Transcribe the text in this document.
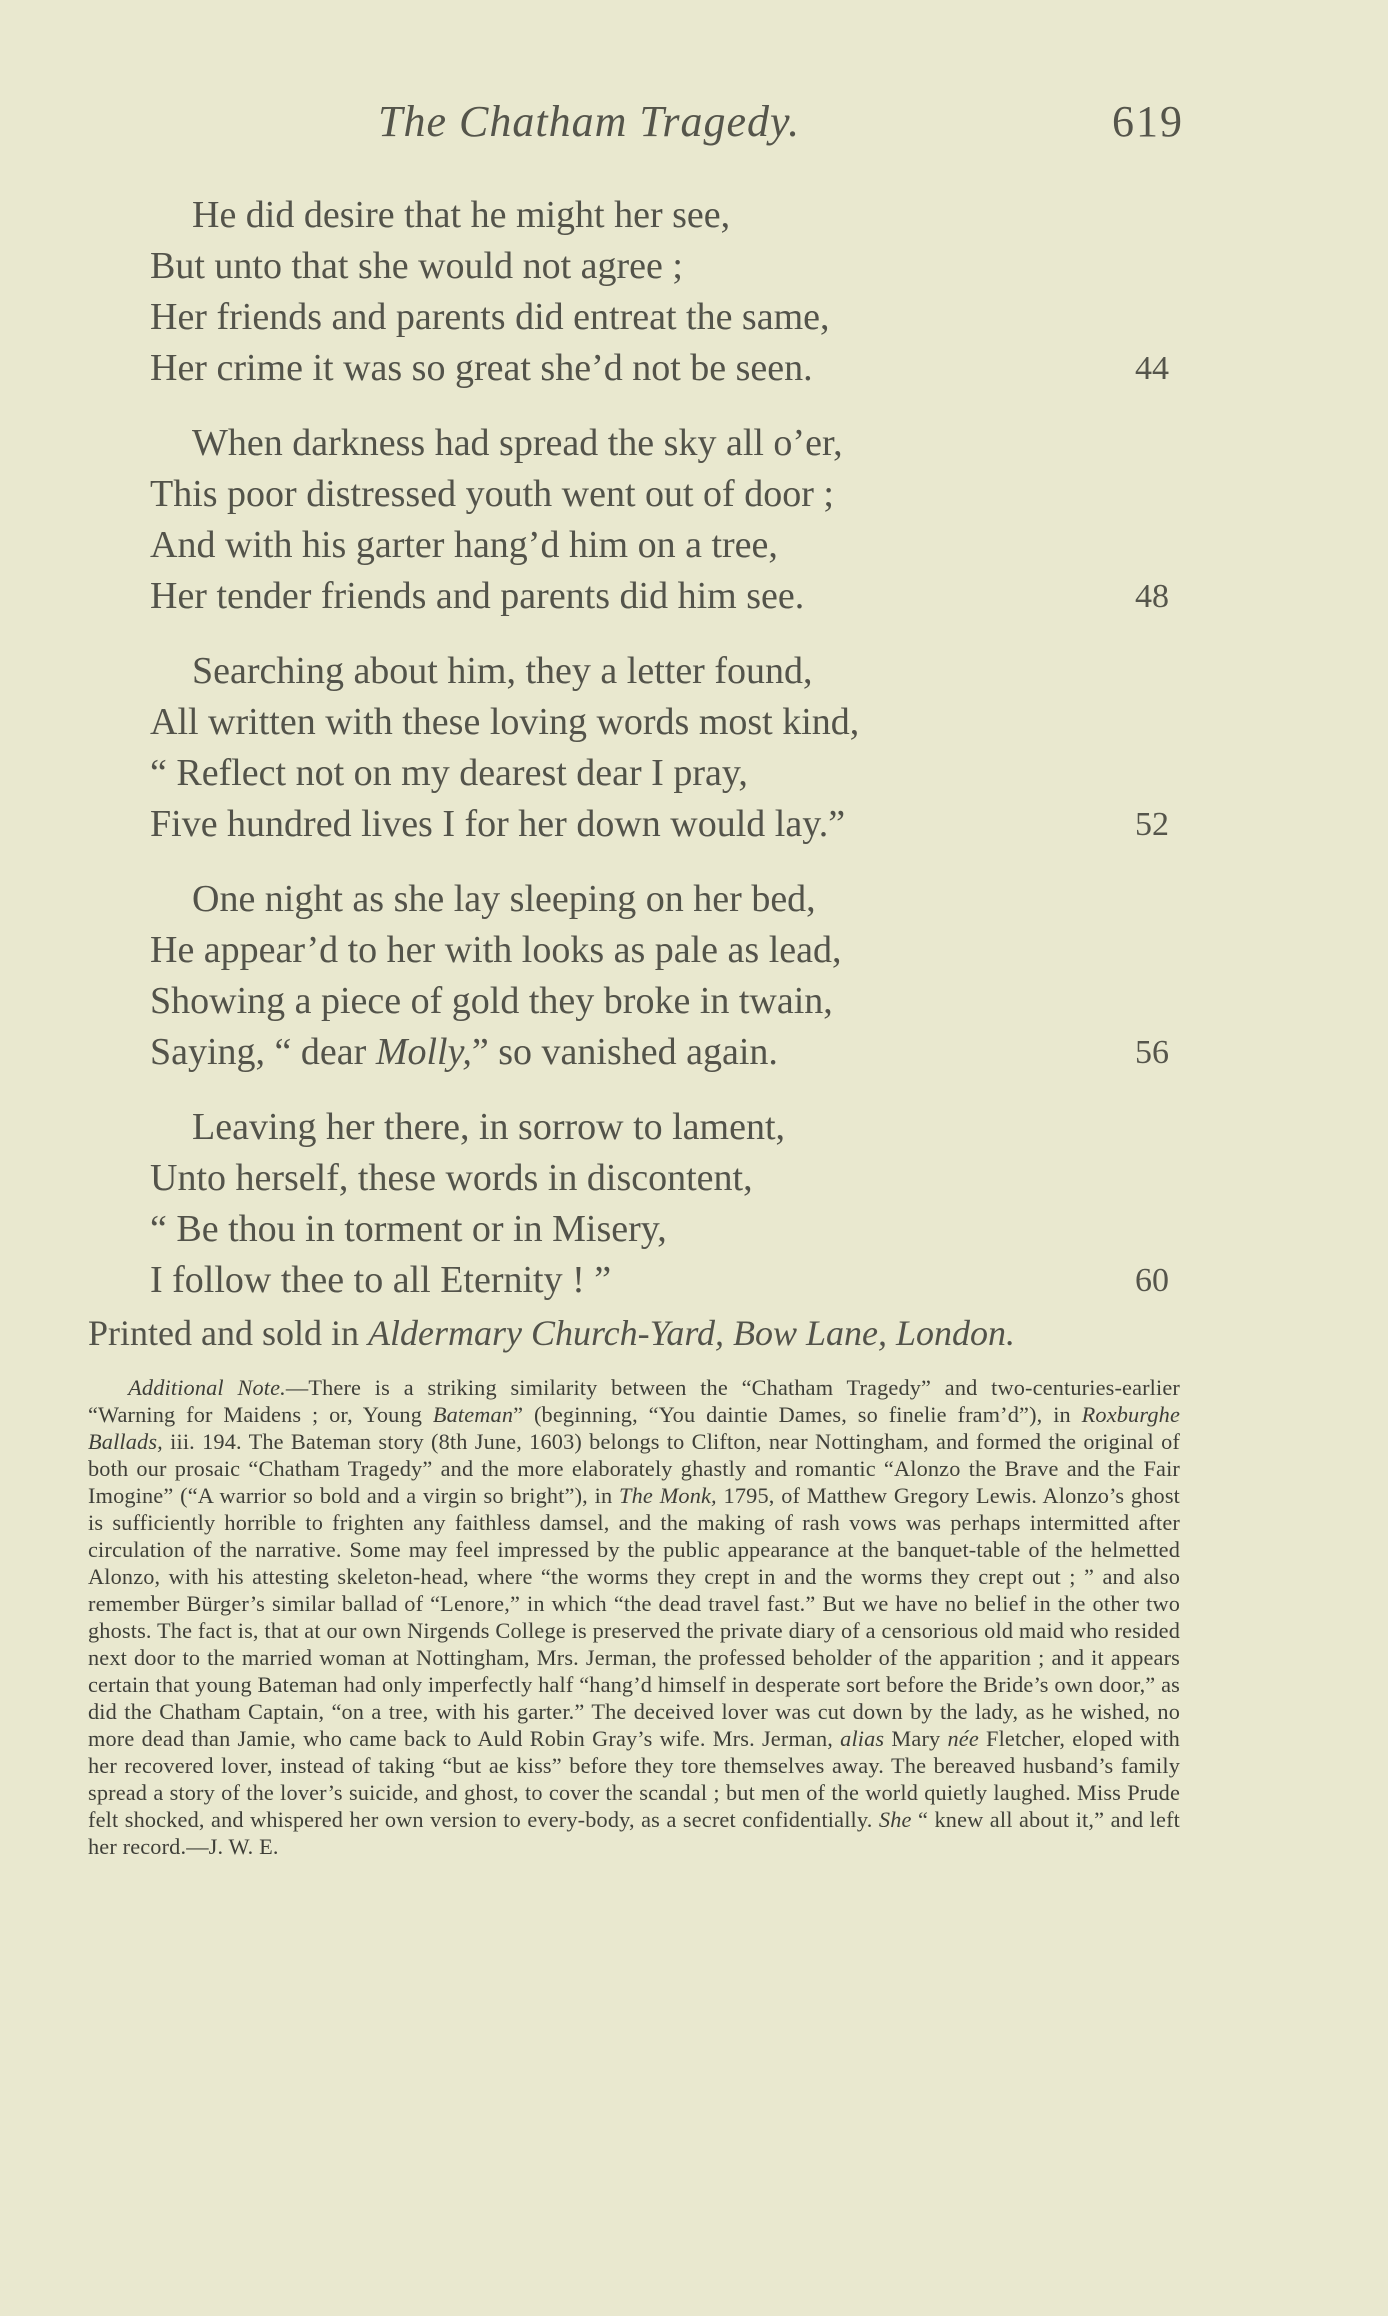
The Chatham Tragedy.	619
He did desire that he might her see,
But unto that she would not agree ;
Her friends and parents did entreat the same,
Her crime it was so great she’d not be seen.	44
When darkness had spread the sky all o’er,
This poor distressed youth went out of door ;
And with his garter hang’d him on a tree,
Her tender friends and parents did him see.	48
Searching about him, they a letter found,
All written with these loving words most kind,
“ Reflect not on my dearest dear I pray,
Five hundred lives I for her down would lay.”	52
One night as she lay sleeping on her bed,
He appear’d to her with looks as pale as lead,
Showing a piece of gold they broke in twain,
Saying, “ dear Molly,” so vanished again.	56
Leaving her there, in sorrow to lament,
Unto herself, these words in discontent,
“ Be thou in torment or in Misery,
I follow thee to all Eternity ! ”	60
Printed and sold in Aldermary Church-Yard, Bow Lane, London.

Additional Note.—There is a striking similarity between the “Chatham Tragedy” and two-centuries-earlier “Warning for Maidens ; or, Young Bateman” (beginning, “You daintie Dames, so finelie fram’d”), in Roxburghe Ballads, iii. 194. The Bateman story (8th June, 1603) belongs to Clifton, near Nottingham, and formed the original of both our prosaic “Chatham Tragedy” and the more elaborately ghastly and romantic “Alonzo the Brave and the Fair Imogine” (“A warrior so bold and a virgin so bright”), in The Monk, 1795, of Matthew Gregory Lewis. Alonzo’s ghost is sufficiently horrible to frighten any faithless damsel, and the making of rash vows was perhaps intermitted after circulation of the narrative. Some may feel impressed by the public appearance at the banquet-table of the helmetted Alonzo, with his attesting skeleton-head, where “the worms they crept in and the worms they crept out ; ” and also remember Bürger’s similar ballad of “Lenore,” in which “the dead travel fast.” But we have no belief in the other two ghosts. The fact is, that at our own Nirgends College is preserved the private diary of a censorious old maid who resided next door to the married woman at Nottingham, Mrs. Jerman, the professed beholder of the apparition ; and it appears certain that young Bateman had only imperfectly half “hang’d himself in desperate sort before the Bride’s own door,” as did the Chatham Captain, “on a tree, with his garter.” The deceived lover was cut down by the lady, as he wished, no more dead than Jamie, who came back to Auld Robin Gray’s wife. Mrs. Jerman, alias Mary née Fletcher, eloped with her recovered lover, instead of taking “but ae kiss” before they tore themselves away. The bereaved husband’s family spread a story of the lover’s suicide, and ghost, to cover the scandal ; but men of the world quietly laughed. Miss Prude felt shocked, and whispered her own version to every-body, as a secret confidentially. She “ knew all about it,” and left her record.—J. W. E.
